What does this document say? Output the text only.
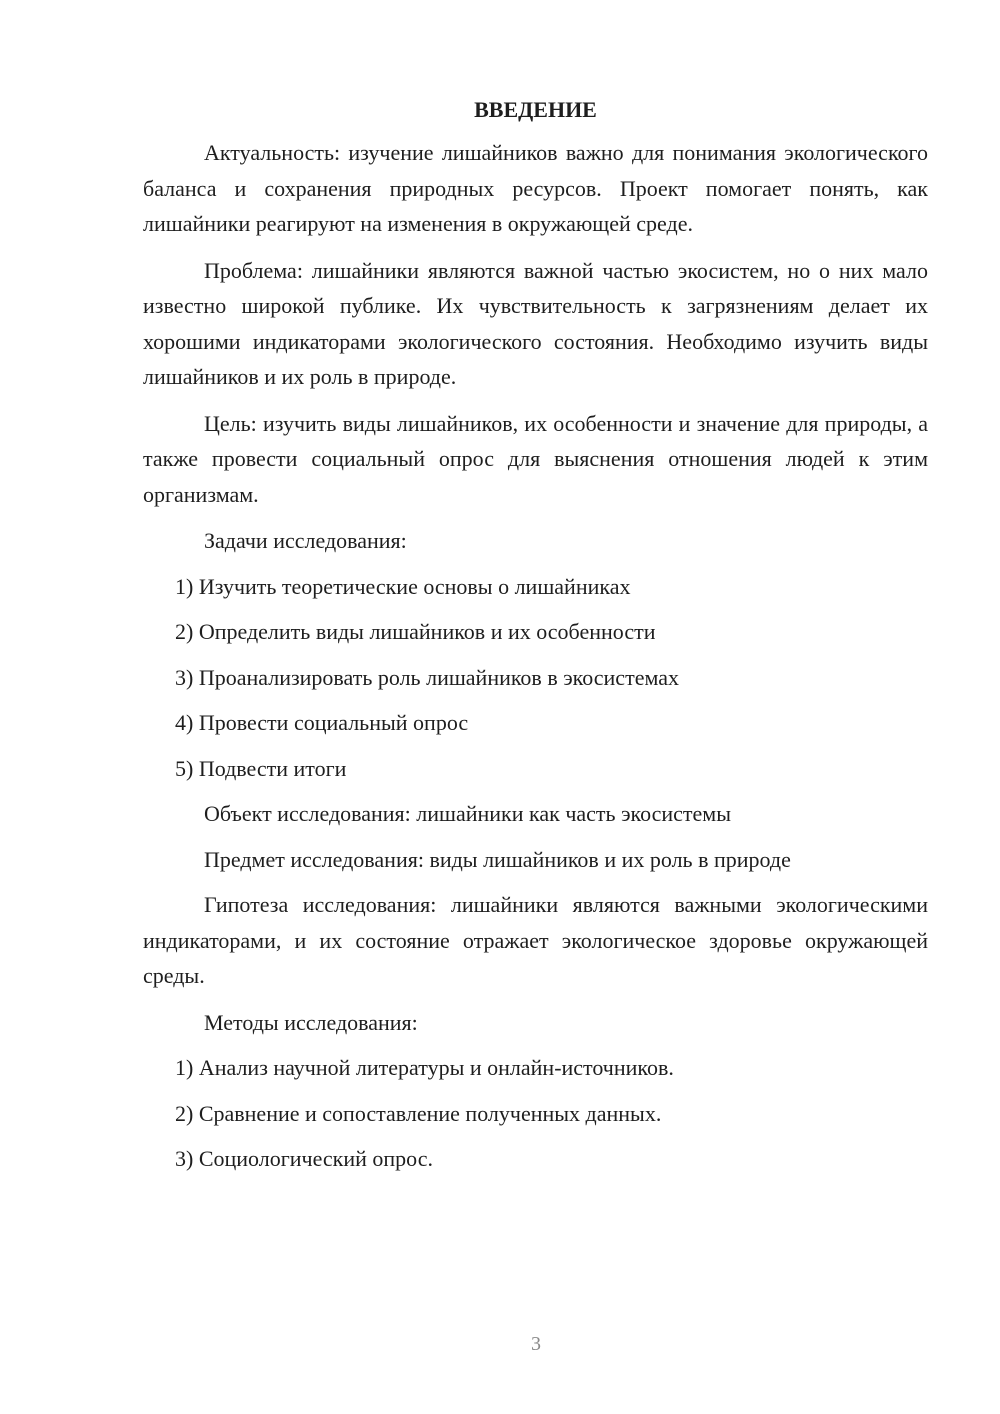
ВВЕДЕНИЕ

Актуальность: изучение лишайников важно для понимания экологического баланса и сохранения природных ресурсов. Проект помогает понять, как лишайники реагируют на изменения в окружающей среде.

Проблема: лишайники являются важной частью экосистем, но о них мало известно широкой публике. Их чувствительность к загрязнениям делает их хорошими индикаторами экологического состояния. Необходимо изучить виды лишайников и их роль в природе.

Цель: изучить виды лишайников, их особенности и значение для природы, а также провести социальный опрос для выяснения отношения людей к этим организмам.

Задачи исследования:
1) Изучить теоретические основы о лишайниках
2) Определить виды лишайников и их особенности
3) Проанализировать роль лишайников в экосистемах
4) Провести социальный опрос
5) Подвести итоги
Объект исследования: лишайники как часть экосистемы
Предмет исследования: виды лишайников и их роль в природе

Гипотеза исследования: лишайники являются важными экологическими индикаторами, и их состояние отражает экологическое здоровье окружающей среды.

Методы исследования:
1) Анализ научной литературы и онлайн-источников.
2) Сравнение и сопоставление полученных данных.
3) Социологический опрос.
3
